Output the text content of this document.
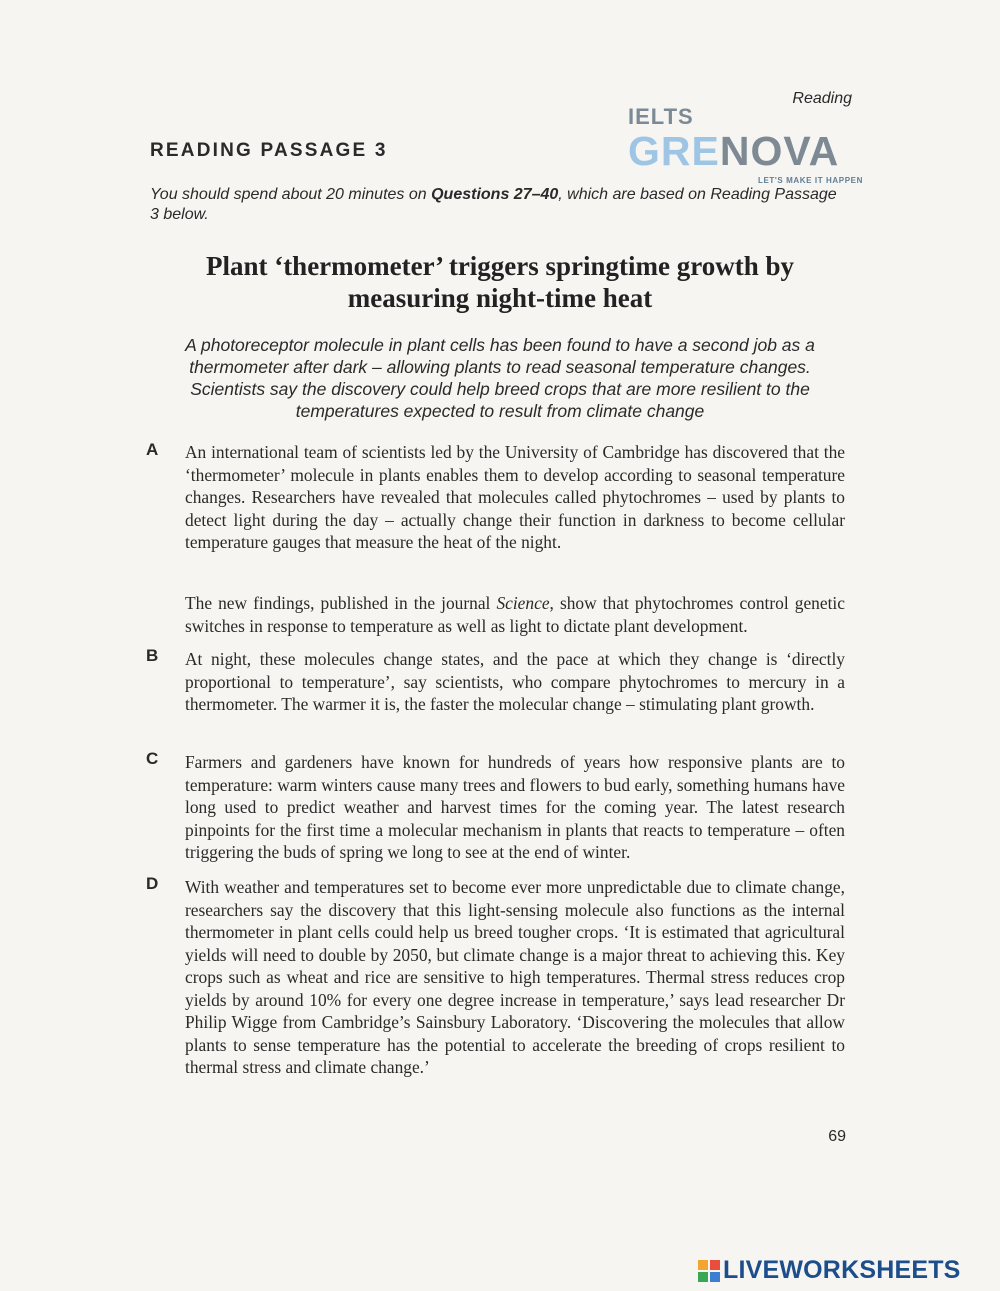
Reading
IELTS
GRENOVA
LET'S MAKE IT HAPPEN
READING PASSAGE 3
You should spend about 20 minutes on Questions 27–40, which are based on Reading Passage 3 below.
Plant ‘thermometer’ triggers springtime growth by measuring night-time heat
A photoreceptor molecule in plant cells has been found to have a second job as a thermometer after dark – allowing plants to read seasonal temperature changes. Scientists say the discovery could help breed crops that are more resilient to the temperatures expected to result from climate change
A An international team of scientists led by the University of Cambridge has discovered that the ‘thermometer’ molecule in plants enables them to develop according to seasonal temperature changes. Researchers have revealed that molecules called phytochromes – used by plants to detect light during the day – actually change their function in darkness to become cellular temperature gauges that measure the heat of the night.
The new findings, published in the journal Science, show that phytochromes control genetic switches in response to temperature as well as light to dictate plant development.
B At night, these molecules change states, and the pace at which they change is ‘directly proportional to temperature’, say scientists, who compare phytochromes to mercury in a thermometer. The warmer it is, the faster the molecular change – stimulating plant growth.
C Farmers and gardeners have known for hundreds of years how responsive plants are to temperature: warm winters cause many trees and flowers to bud early, something humans have long used to predict weather and harvest times for the coming year. The latest research pinpoints for the first time a molecular mechanism in plants that reacts to temperature – often triggering the buds of spring we long to see at the end of winter.
D With weather and temperatures set to become ever more unpredictable due to climate change, researchers say the discovery that this light-sensing molecule also functions as the internal thermometer in plant cells could help us breed tougher crops. ‘It is estimated that agricultural yields will need to double by 2050, but climate change is a major threat to achieving this. Key crops such as wheat and rice are sensitive to high temperatures. Thermal stress reduces crop yields by around 10% for every one degree increase in temperature,’ says lead researcher Dr Philip Wigge from Cambridge’s Sainsbury Laboratory. ‘Discovering the molecules that allow plants to sense temperature has the potential to accelerate the breeding of crops resilient to thermal stress and climate change.’
69
LIVEWORKSHEETS
